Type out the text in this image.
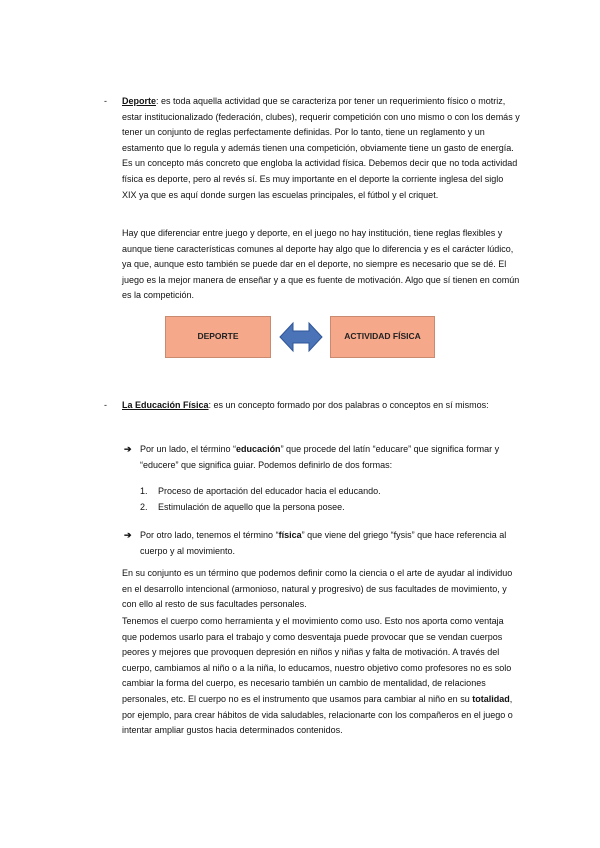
-	Deporte: es toda aquella actividad que se caracteriza por tener un requerimiento físico o motriz, estar institucionalizado (federación, clubes), requerir competición con uno mismo o con los demás y tener un conjunto de reglas perfectamente definidas. Por lo tanto, tiene un reglamento y un estamento que lo regula y además tienen una competición, obviamente tiene un gasto de energía. Es un concepto más concreto que engloba la actividad física. Debemos decir que no toda actividad física es deporte, pero al revés sí. Es muy importante en el deporte la corriente inglesa del siglo XIX ya que es aquí donde surgen las escuelas principales, el fútbol y el criquet.

Hay que diferenciar entre juego y deporte, en el juego no hay institución, tiene reglas flexibles y aunque tiene características comunes al deporte hay algo que lo diferencia y es el carácter lúdico, ya que, aunque esto también se puede dar en el deporte, no siempre es necesario que se dé. El juego es la mejor manera de enseñar y a que es fuente de motivación. Algo que sí tienen en común es la competición.

DEPORTE	ACTIVIDAD FÍSICA
-	La Educación Física: es un concepto formado por dos palabras o conceptos en sí mismos:

➔ Por un lado, el término “educación” que procede del latín “educare” que significa formar y “educere” que significa guiar. Podemos definirlo de dos formas:

1.	Proceso de aportación del educador hacia el educando.

2.	Estimulación de aquello que la persona posee.

➔ Por otro lado, tenemos el término “física” que viene del griego “fysis” que hace referencia al cuerpo y al movimiento.

En su conjunto es un término que podemos definir como la ciencia o el arte de ayudar al individuo en el desarrollo intencional (armonioso, natural y progresivo) de sus facultades de movimiento, y con ello al resto de sus facultades personales.

Tenemos el cuerpo como herramienta y el movimiento como uso. Esto nos aporta como ventaja que podemos usarlo para el trabajo y como desventaja puede provocar que se vendan cuerpos peores y mejores que provoquen depresión en niños y niñas y falta de motivación. A través del cuerpo, cambiamos al niño o a la niña, lo educamos, nuestro objetivo como profesores no es solo cambiar la forma del cuerpo, es necesario también un cambio de mentalidad, de relaciones personales, etc. El cuerpo no es el instrumento que usamos para cambiar al niño en su totalidad, por ejemplo, para crear hábitos de vida saludables, relacionarte con los compañeros en el juego o intentar ampliar gustos hacia determinados contenidos.
